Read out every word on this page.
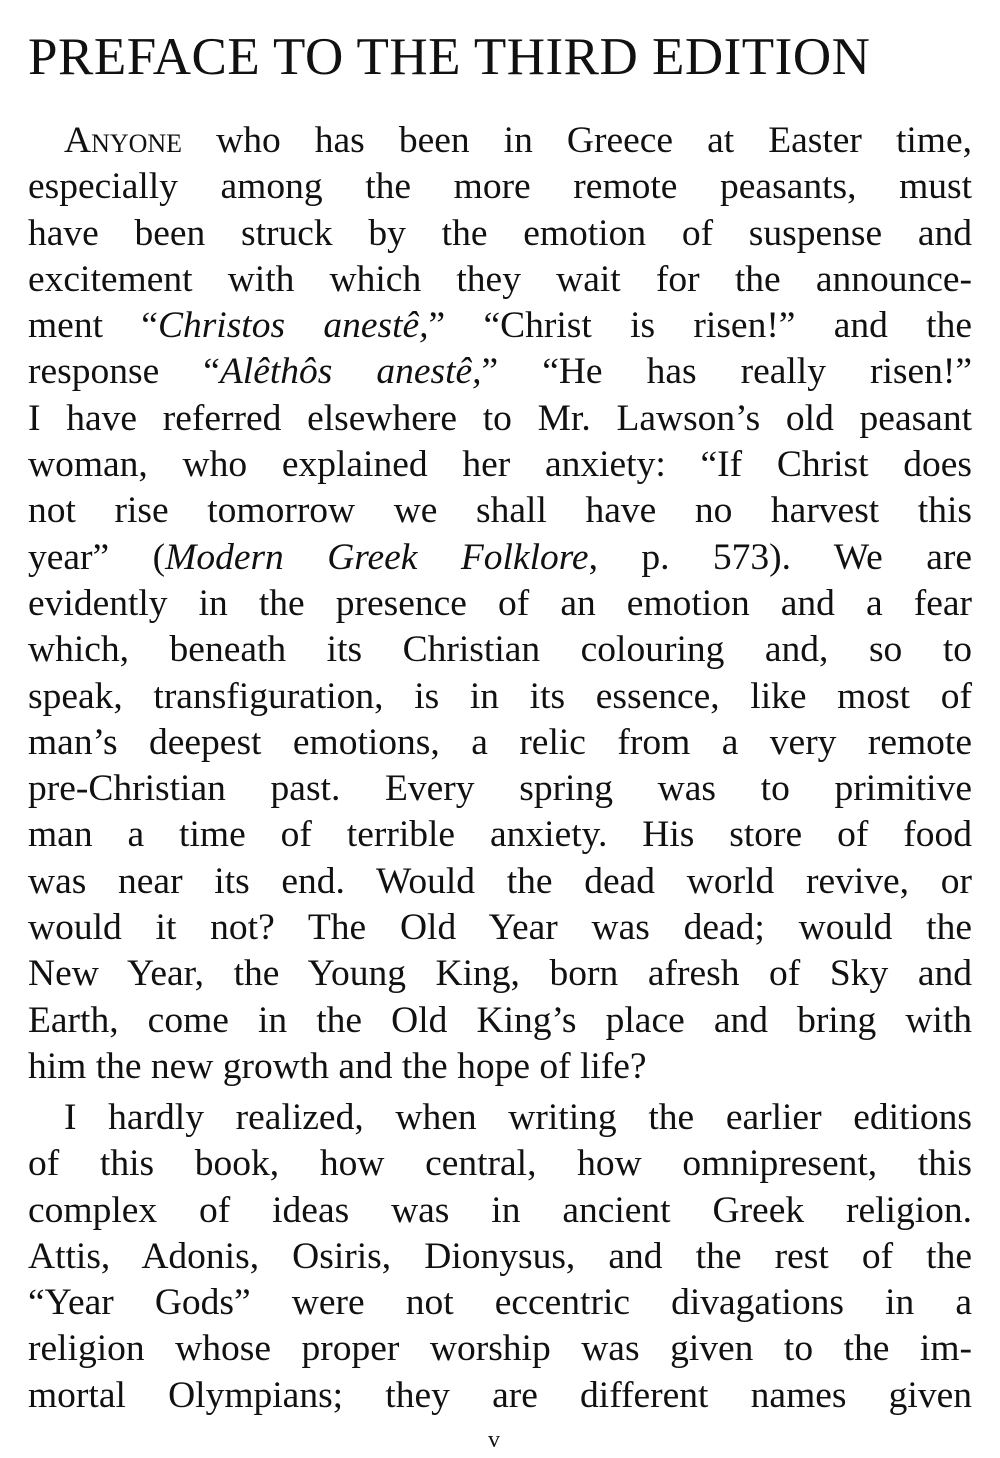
PREFACE TO THE THIRD EDITION

Anyone who has been in Greece at Easter time,
especially among the more remote peasants, must
have been struck by the emotion of suspense and
excitement with which they wait for the announce-
ment “Christos anestê,” “Christ is risen!” and the
response “Alêthôs anestê,” “He has really risen!”
I have referred elsewhere to Mr. Lawson’s old peasant
woman, who explained her anxiety: “If Christ does
not rise tomorrow we shall have no harvest this
year” (Modern Greek Folklore, p. 573). We are
evidently in the presence of an emotion and a fear
which, beneath its Christian colouring and, so to
speak, transfiguration, is in its essence, like most of
man’s deepest emotions, a relic from a very remote
pre-Christian past. Every spring was to primitive
man a time of terrible anxiety. His store of food
was near its end. Would the dead world revive, or
would it not? The Old Year was dead; would the
New Year, the Young King, born afresh of Sky and
Earth, come in the Old King’s place and bring with
him the new growth and the hope of life?

I hardly realized, when writing the earlier editions
of this book, how central, how omnipresent, this
complex of ideas was in ancient Greek religion.
Attis, Adonis, Osiris, Dionysus, and the rest of the
“Year Gods” were not eccentric divagations in a
religion whose proper worship was given to the im-
mortal Olympians; they are different names given

v
